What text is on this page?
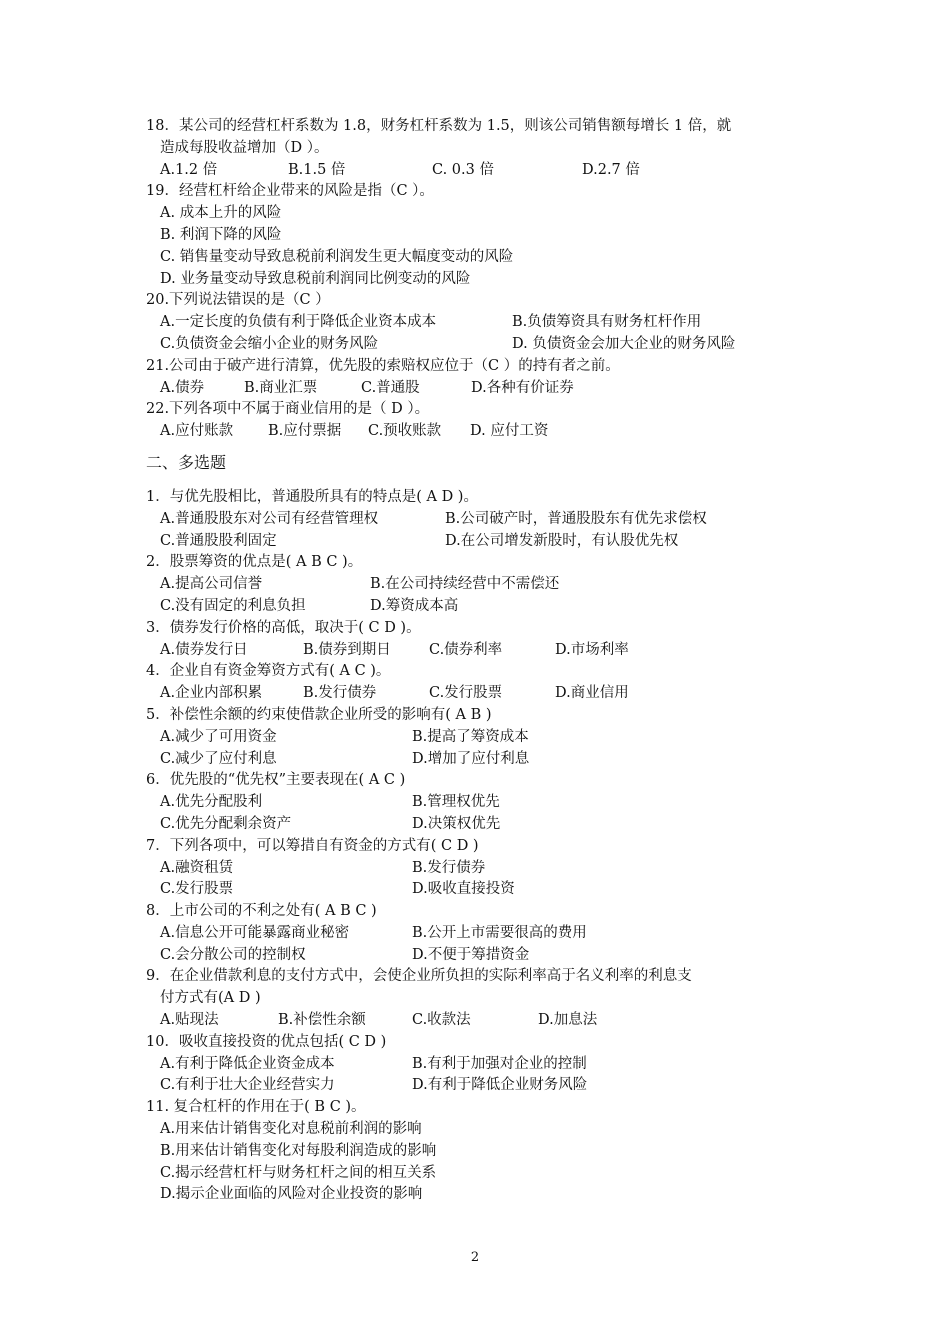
18．某公司的经营杠杆系数为 1.8，财务杠杆系数为 1.5，则该公司销售额每增长 1 倍，就
造成每股收益增加（D ）。
A.1.2 倍	B.1.5 倍	C. 0.3 倍	D.2.7 倍
19．经营杠杆给企业带来的风险是指（C ）。
A. 成本上升的风险
B. 利润下降的风险
C. 销售量变动导致息税前利润发生更大幅度变动的风险
D. 业务量变动导致息税前利润同比例变动的风险
20.下列说法错误的是（C ）
A.一定长度的负债有利于降低企业资本成本	B.负债筹资具有财务杠杆作用
C.负债资金会缩小企业的财务风险	D. 负债资金会加大企业的财务风险
21.公司由于破产进行清算，优先股的索赔权应位于（C ）的持有者之前。
A.债券	B.商业汇票	C.普通股	D.各种有价证券
22.下列各项中不属于商业信用的是（ D ）。
A.应付账款 B.应付票据 C.预收账款 D. 应付工资
二、多选题
1．与优先股相比，普通股所具有的特点是( A D )。
A.普通股股东对公司有经营管理权	B.公司破产时，普通股股东有优先求偿权
C.普通股股利固定	D.在公司增发新股时，有认股优先权
2．股票筹资的优点是( A B C )。
A.提高公司信誉	B.在公司持续经营中不需偿还
C.没有固定的利息负担	D.筹资成本高
3．债券发行价格的高低，取决于( C D )。
A.债券发行日	B.债券到期日	C.债券利率	D.市场利率
4．企业自有资金筹资方式有( A C )。
A.企业内部积累	B.发行债券	C.发行股票	D.商业信用
5．补偿性余额的约束使借款企业所受的影响有( A B )
A.减少了可用资金	B.提高了筹资成本
C.减少了应付利息	D.增加了应付利息
6．优先股的“优先权”主要表现在( A C )
A.优先分配股利	B.管理权优先
C.优先分配剩余资产	D.决策权优先
7．下列各项中，可以筹措自有资金的方式有( C D )
A.融资租赁	B.发行债券
C.发行股票	D.吸收直接投资
8．上市公司的不利之处有( A B C )
A.信息公开可能暴露商业秘密	B.公开上市需要很高的费用
C.会分散公司的控制权	D.不便于筹措资金
9．在企业借款利息的支付方式中，会使企业所负担的实际利率高于名义利率的利息支
付方式有(A D )
A.贴现法	B.补偿性余额	C.收款法	D.加息法
10．吸收直接投资的优点包括( C D )
A.有利于降低企业资金成本	B.有利于加强对企业的控制
C.有利于壮大企业经营实力	D.有利于降低企业财务风险
11. 复合杠杆的作用在于( B C )。
A.用来估计销售变化对息税前利润的影响
B.用来估计销售变化对每股利润造成的影响
C.揭示经营杠杆与财务杠杆之间的相互关系
D.揭示企业面临的风险对企业投资的影响
2
